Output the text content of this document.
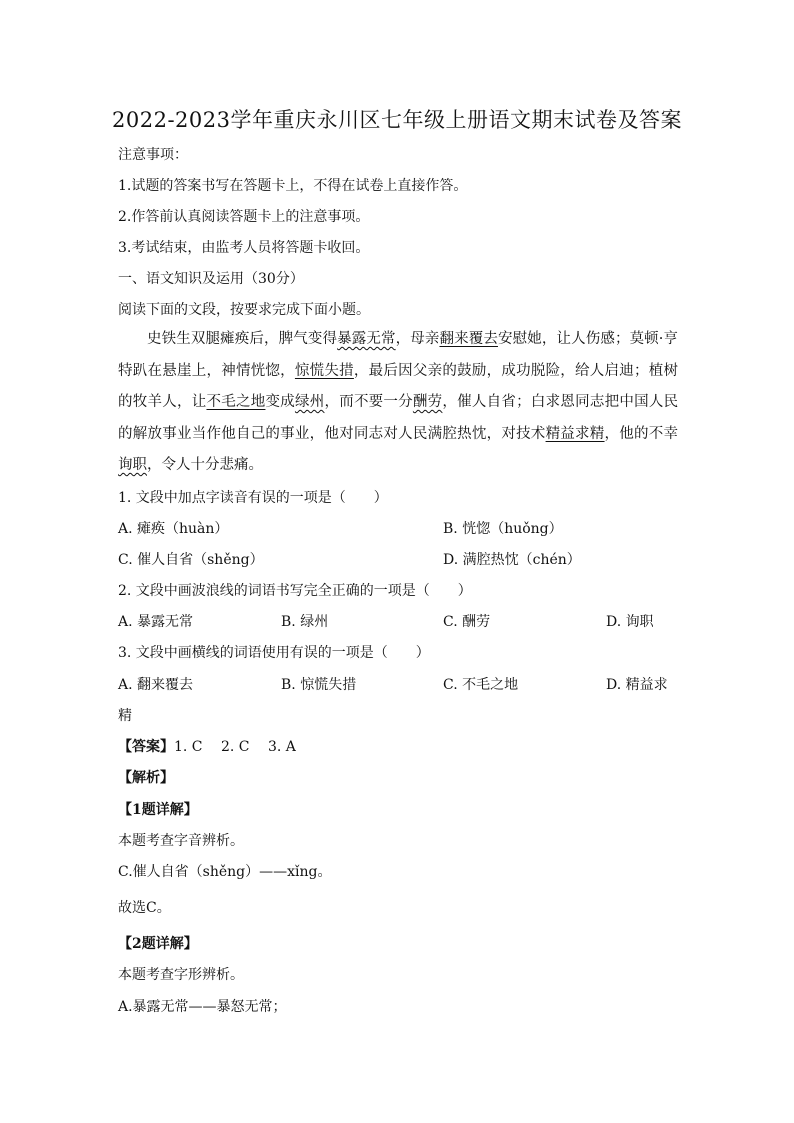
2022-2023学年重庆永川区七年级上册语文期末试卷及答案
注意事项：
1.试题的答案书写在答题卡上，不得在试卷上直接作答。
2.作答前认真阅读答题卡上的注意事项。
3.考试结束，由监考人员将答题卡收回。
一、语文知识及运用（30分）
阅读下面的文段，按要求完成下面小题。
史铁生双腿瘫痪后，脾气变得暴露无常，母亲翻来覆去安慰她，让人伤感；莫顿·亨特趴在悬崖上，神情恍惚，惊慌失措，最后因父亲的鼓励，成功脱险，给人启迪；植树的牧羊人，让不毛之地变成绿州，而不要一分酬劳，催人自省；白求恩同志把中国人民的解放事业当作他自己的事业，他对同志对人民满腔热忱，对技术精益求精，他的不幸询职，令人十分悲痛。
1. 文段中加点字读音有误的一项是（　　）
A. 瘫痪（huàn）	B. 恍惚（huǒng）
C. 催人自省（shěng）	D. 满腔热忱（chén）
2. 文段中画波浪线的词语书写完全正确的一项是（　　）
A. 暴露无常	B. 绿州	C. 酬劳	D. 询职
3. 文段中画横线的词语使用有误的一项是（　　）
A. 翻来覆去	B. 惊慌失措	C. 不毛之地	D. 精益求
精
【答案】1. C　 2. C　 3. A
【解析】
【1题详解】
本题考查字音辨析。
C.催人自省（shěng）——xǐng。
故选C。
【2题详解】
本题考查字形辨析。
A.暴露无常——暴怒无常；
